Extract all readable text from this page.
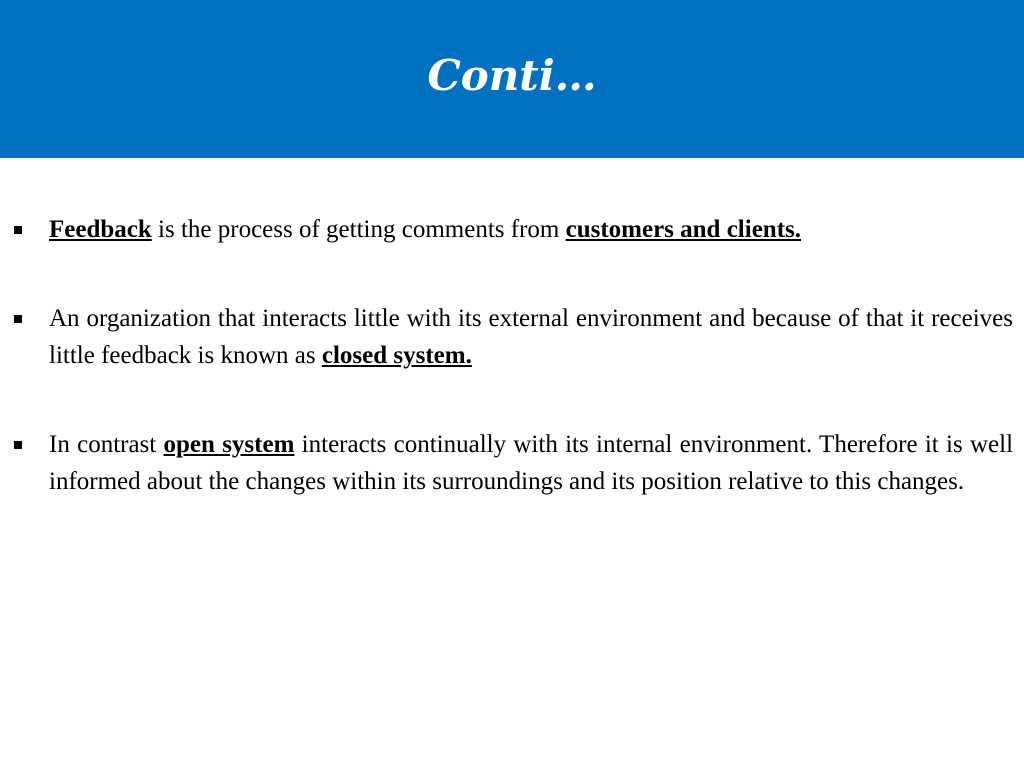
Conti…
Feedback is the process of getting comments from customers and clients.
An organization that interacts little with its external environment and because of that it receives little feedback is known as closed system.
In contrast open system interacts continually with its internal environment. Therefore it is well informed about the changes within its surroundings and its position relative to this changes.
